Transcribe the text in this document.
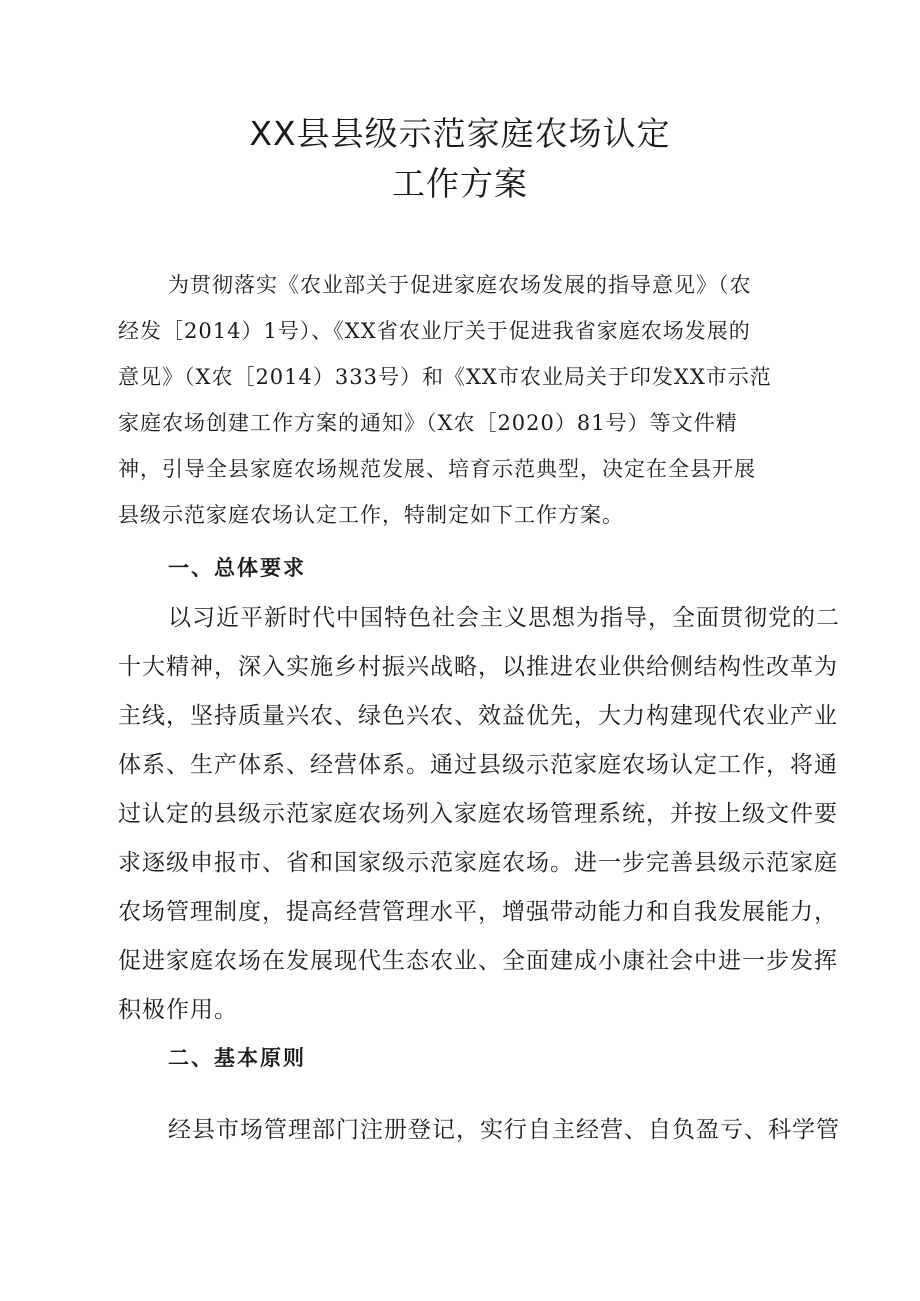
XX县县级示范家庭农场认定
工作方案
为贯彻落实《农业部关于促进家庭农场发展的指导意见》（农
经发［2014）1号）、《XX省农业厅关于促进我省家庭农场发展的
意见》（X农［2014）333号）和《XX市农业局关于印发XX市示范
家庭农场创建工作方案的通知》（X农［2020）81号）等文件精
神，引导全县家庭农场规范发展、培育示范典型，决定在全县开展
县级示范家庭农场认定工作，特制定如下工作方案。
一、总体要求
以习近平新时代中国特色社会主义思想为指导，全面贯彻党的二
十大精神，深入实施乡村振兴战略，以推进农业供给侧结构性改革为
主线，坚持质量兴农、绿色兴农、效益优先，大力构建现代农业产业
体系、生产体系、经营体系。通过县级示范家庭农场认定工作，将通
过认定的县级示范家庭农场列入家庭农场管理系统，并按上级文件要
求逐级申报市、省和国家级示范家庭农场。进一步完善县级示范家庭
农场管理制度，提高经营管理水平，增强带动能力和自我发展能力，
促进家庭农场在发展现代生态农业、全面建成小康社会中进一步发挥
积极作用。
二、基本原则
经县市场管理部门注册登记，实行自主经营、自负盈亏、科学管
